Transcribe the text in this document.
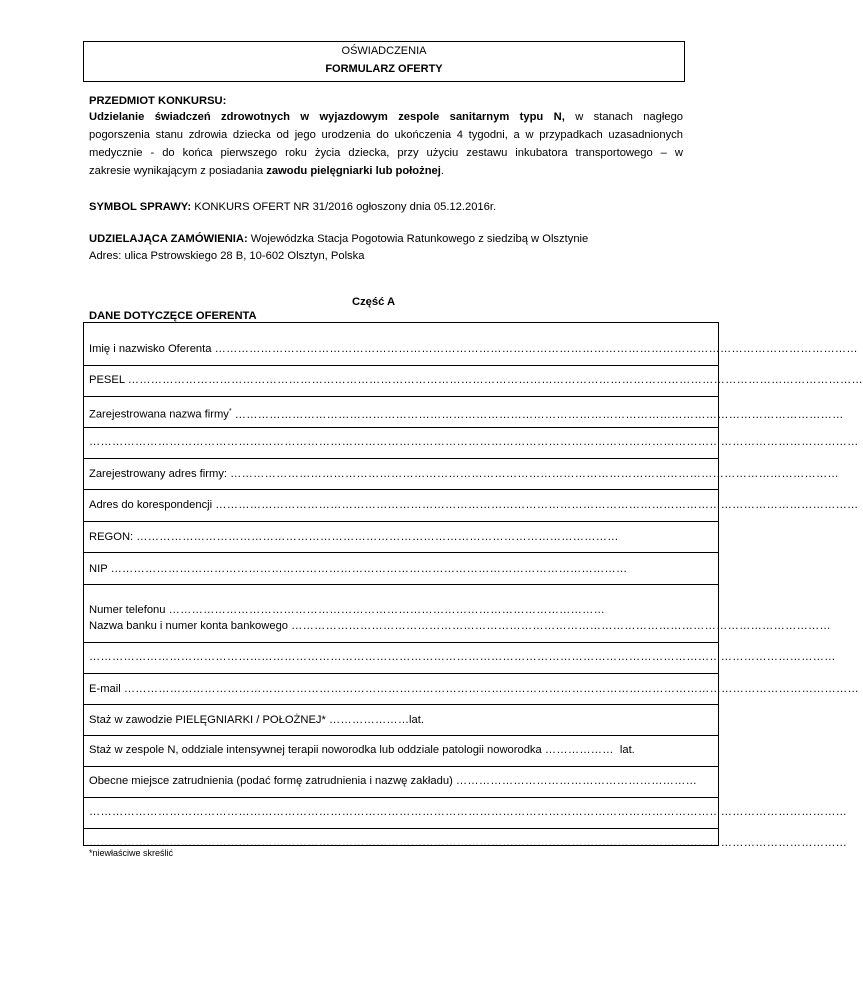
OŚWIADCZENIA
FORMULARZ OFERTY
PRZEDMIOT KONKURSU:

Udzielanie świadczeń zdrowotnych w wyjazdowym zespole sanitarnym typu N, w stanach nagłego

pogorszenia stanu zdrowia dziecka od jego urodzenia do ukończenia 4 tygodni, a w przypadkach uzasadnionych

medycznie - do końca pierwszego roku życia dziecka, przy użyciu zestawu inkubatora transportowego – w

zakresie wynikającym z posiadania zawodu pielęgniarki lub położnej.

SYMBOL SPRAWY: KONKURS OFERT NR 31/2016 ogłoszony dnia 05.12.2016r.
UDZIELAJĄCA ZAMÓWIENIA: Wojewódzka Stacja Pogotowia Ratunkowego z siedzibą w Olsztynie
Adres: ulica Pstrowskiego 28 B, 10-602 Olsztyn, Polska
Część A
DANE DOTYCZĘCE OFERENTA
Imię i nazwisko Oferenta ……………………………………………………………………………………………………………………………………………………
PESEL …………………………………………………………………………………………………………………………………………………………………………
Zarejestrowana nazwa firmy* ……………………………………………………………………………………………………………………………………………
…………………………………………………………………………………………………………………………………………………………………………………
Zarejestrowany adres firmy: ……………………………………………………………………………………………………………………………………………
Adres do korespondencji ……………………………………………………………………………………………………………………………………………………
REGON: ………………………………………………………………………………………………………………
NIP ………………………………………………………………………………………………………………………
Numer telefonu ……………………………………………………………………………………………………
Nazwa banku i numer konta bankowego ……………………………………………………………………………………………………………………………
……………………………………………………………………………………………………………………………………………………………………………
E-mail …………………………………………………………………………………………………………………………………………………………………………
Staż w zawodzie PIELĘGNIARKI / POŁOŻNEJ* …………………lat.
Staż w zespole N, oddziale intensywnej terapii noworodka lub oddziale patologii noworodka ……………… lat.
Obecne miejsce zatrudnienia (podać formę zatrudnienia i nazwę zakładu) ………………………………………………………
………………………………………………………………………………………………………………………………………………………………………………
………………………………………………………………………………………………………………………………………………………………………………
*niewłaściwe skreślić
